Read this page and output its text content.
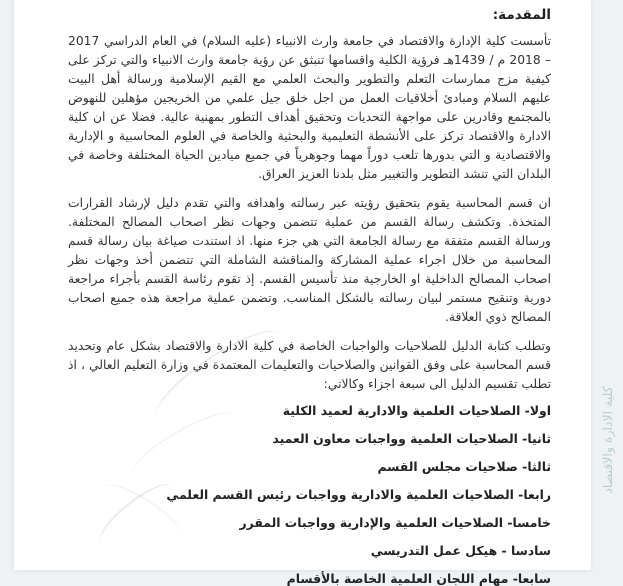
المقدمة:

تأسست كلية الإدارة والاقتصاد في جامعة وارث الانبياء (عليه السلام) في العام الدراسي 2017 – 2018 م / 1439هـ فرؤية الكلية واقسامها تنبثق عن رؤية جامعة وارث الانبياء والتي تركز على كيفية مزج ممارسات التعلم والتطوير والبحث العلمي مع القيم الإسلامية ورسالة أهل البيت عليهم السلام ومبادئ أخلاقيات العمل من اجل خلق جيل علمي من الخريجين مؤهلين للنهوض بالمجتمع وقادرين على مواجهة التحديات وتحقيق أهداف التطور بمهنية عالية. فضلا عن ان كلية الادارة والاقتصاد تركز على الأنشطة التعليمية والبحثية والخاصة في العلوم المحاسبية و الإدارية والاقتصادية و التي بدورها تلعب دوراً مهما وجوهرياً في جميع ميادين الحياة المختلفة وخاصة في البلدان التي تنشد التطوير والتغيير مثل بلدنا العزيز العراق.

ان قسم المحاسبة يقوم بتحقيق رؤيته عبر رسالته واهدافه والتي تقدم دليل لإرشاد القرارات المتخذة. وتكشف رسالة القسم من عملية تتضمن وجهات نظر اصحاب المصالح المختلفة. ورسالة القسم متفقة مع رسالة الجامعة التي هي جزء منها. اذ استندت صياغة بيان رسالة قسم المحاسبة من خلال اجراء عملية المشاركة والمناقشة الشاملة التي تتضمن أخذ وجهات نظر اصحاب المصالح الداخلية او الخارجية منذ تأسيس القسم. إذ تقوم رئاسة القسم بأجراء مراجعة دورية وتنقيح مستمر لبيان رسالته بالشكل المناسب. وتضمن عملية مراجعة هذه جميع اصحاب المصالح ذوي العلاقة.

وتطلب كتابة الدليل للصلاحيات والواجبات الخاصة في كلية الادارة والاقتصاد بشكل عام وتحديد قسم المحاسبة على وفق القوانين والصلاحيات والتعليمات المعتمدة في وزارة التعليم العالي ، اذ تطلب تقسيم الدليل الى سبعة اجزاء وكالاتي:

اولا- الصلاحيات العلمية والادارية لعميد الكلية
ثانيا- الصلاحيات العلمية وواجبات معاون العميد
ثالثا- صلاحيات مجلس القسم
رابعا- الصلاحيات العلمية والادارية وواجبات رئيس القسم العلمي
خامسا- الصلاحيات العلمية والإدارية وواجبات المقرر
سادسا - هيكل عمل التدريسي
سابعا- مهام اللجان العلمية الخاصة بالأقسام
كلية الادارة والاقتصاد
